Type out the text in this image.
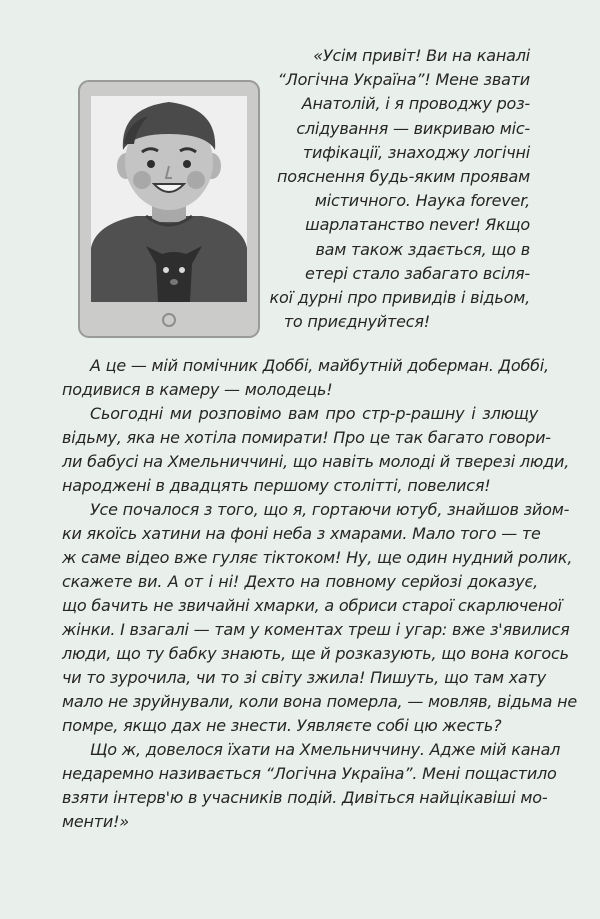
«Усім привіт! Ви на каналі
“Логічна Україна”! Мене звати
Анатолій, і я проводжу роз-
слідування — викриваю міс-
тифікації, знаходжу логічні
пояснення будь-яким проявам
містичного. Наука forever,
шарлатанство never! Якщо
вам також здається, що в
етері стало забагато всіля-
кої дурні про привидів і відьом,
то приєднуйтеся!
А це — мій помічник Доббі, майбутній доберман. Доббі,
подивися в камеру — молодець!
Сьогодні ми розповімо вам про стр-р-рашну і злющу
відьму, яка не хотіла помирати! Про це так багато говори-
ли бабусі на Хмельниччині, що навіть молоді й тверезі люди,
народжені в двадцять першому столітті, повелися!
Усе почалося з того, що я, гортаючи ютуб, знайшов зйом-
ки якоїсь хатини на фоні неба з хмарами. Мало того — те
ж саме відео вже гуляє тіктоком! Ну, ще один нудний ролик,
скажете ви. А от і ні! Дехто на повному серйозі доказує,
що бачить не звичайні хмарки, а обриси старої скарлюченої
жінки. І взагалі — там у коментах треш і угар: вже з'явилися
люди, що ту бабку знають, ще й розказують, що вона когось
чи то зурочила, чи то зі світу зжила! Пишуть, що там хату
мало не зруйнували, коли вона померла, — мовляв, відьма не
помре, якщо дах не знести. Уявляєте собі цю жесть?
Що ж, довелося їхати на Хмельниччину. Адже мій канал
недаремно називається “Логічна Україна”. Мені пощастило
взяти інтерв'ю в учасників подій. Дивіться найцікавіші мо-
менти!»
